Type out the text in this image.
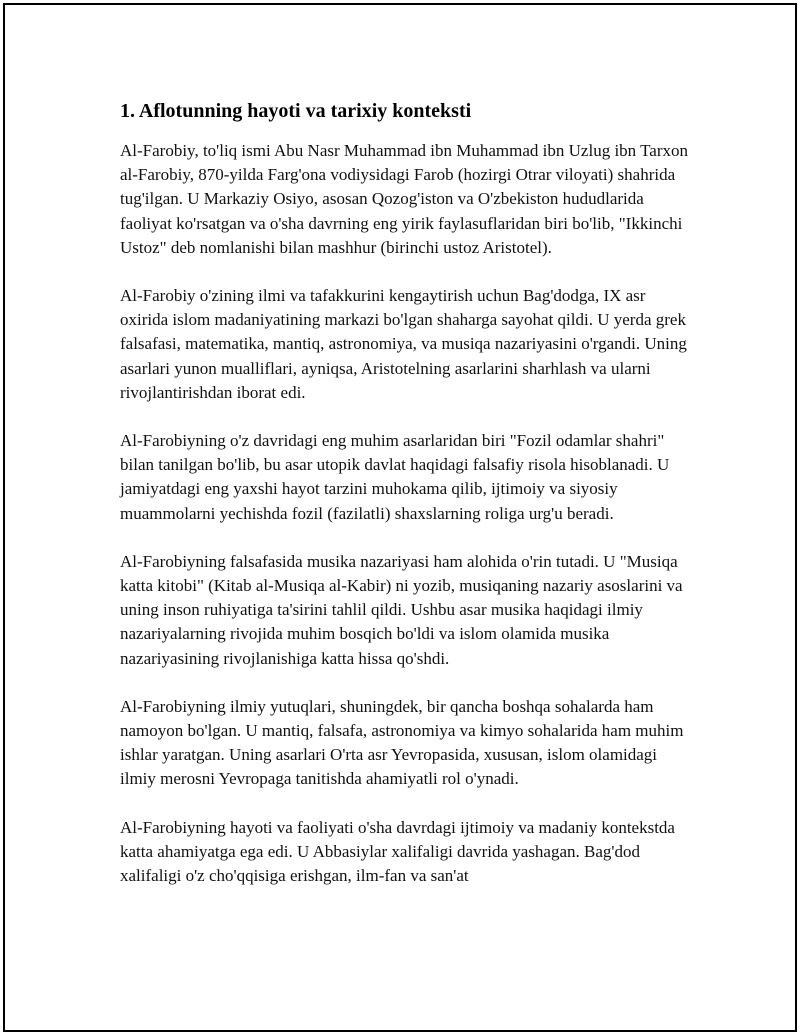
1. Aflotunning hayoti va tarixiy konteksti

Al-Farobiy, to'liq ismi Abu Nasr Muhammad ibn Muhammad ibn Uzlug ibn Tarxon al-Farobiy, 870-yilda Farg'ona vodiysidagi Farob (hozirgi Otrar viloyati) shahrida tug'ilgan. U Markaziy Osiyo, asosan Qozog'iston va O'zbekiston hududlarida faoliyat ko'rsatgan va o'sha davrning eng yirik faylasuflaridan biri bo'lib, "Ikkinchi Ustoz" deb nomlanishi bilan mashhur (birinchi ustoz Aristotel).

Al-Farobiy o'zining ilmi va tafakkurini kengaytirish uchun Bag'dodga, IX asr oxirida islom madaniyatining markazi bo'lgan shaharga sayohat qildi. U yerda grek falsafasi, matematika, mantiq, astronomiya, va musiqa nazariyasini o'rgandi. Uning asarlari yunon mualliflari, ayniqsa, Aristotelning asarlarini sharhlash va ularni rivojlantirishdan iborat edi.

Al-Farobiyning o'z davridagi eng muhim asarlaridan biri "Fozil odamlar shahri" bilan tanilgan bo'lib, bu asar utopik davlat haqidagi falsafiy risola hisoblanadi. U jamiyatdagi eng yaxshi hayot tarzini muhokama qilib, ijtimoiy va siyosiy muammolarni yechishda fozil (fazilatli) shaxslarning roliga urg'u beradi.

Al-Farobiyning falsafasida musika nazariyasi ham alohida o'rin tutadi. U "Musiqa katta kitobi" (Kitab al-Musiqa al-Kabir) ni yozib, musiqaning nazariy asoslarini va uning inson ruhiyatiga ta'sirini tahlil qildi. Ushbu asar musika haqidagi ilmiy nazariyalarning rivojida muhim bosqich bo'ldi va islom olamida musika nazariyasining rivojlanishiga katta hissa qo'shdi.

Al-Farobiyning ilmiy yutuqlari, shuningdek, bir qancha boshqa sohalarda ham namoyon bo'lgan. U mantiq, falsafa, astronomiya va kimyo sohalarida ham muhim ishlar yaratgan. Uning asarlari O'rta asr Yevropasida, xususan, islom olamidagi ilmiy merosni Yevropaga tanitishda ahamiyatli rol o'ynadi.

Al-Farobiyning hayoti va faoliyati o'sha davrdagi ijtimoiy va madaniy kontekstda katta ahamiyatga ega edi. U Abbasiylar xalifaligi davrida yashagan. Bag'dod xalifaligi o'z cho'qqisiga erishgan, ilm-fan va san'at
